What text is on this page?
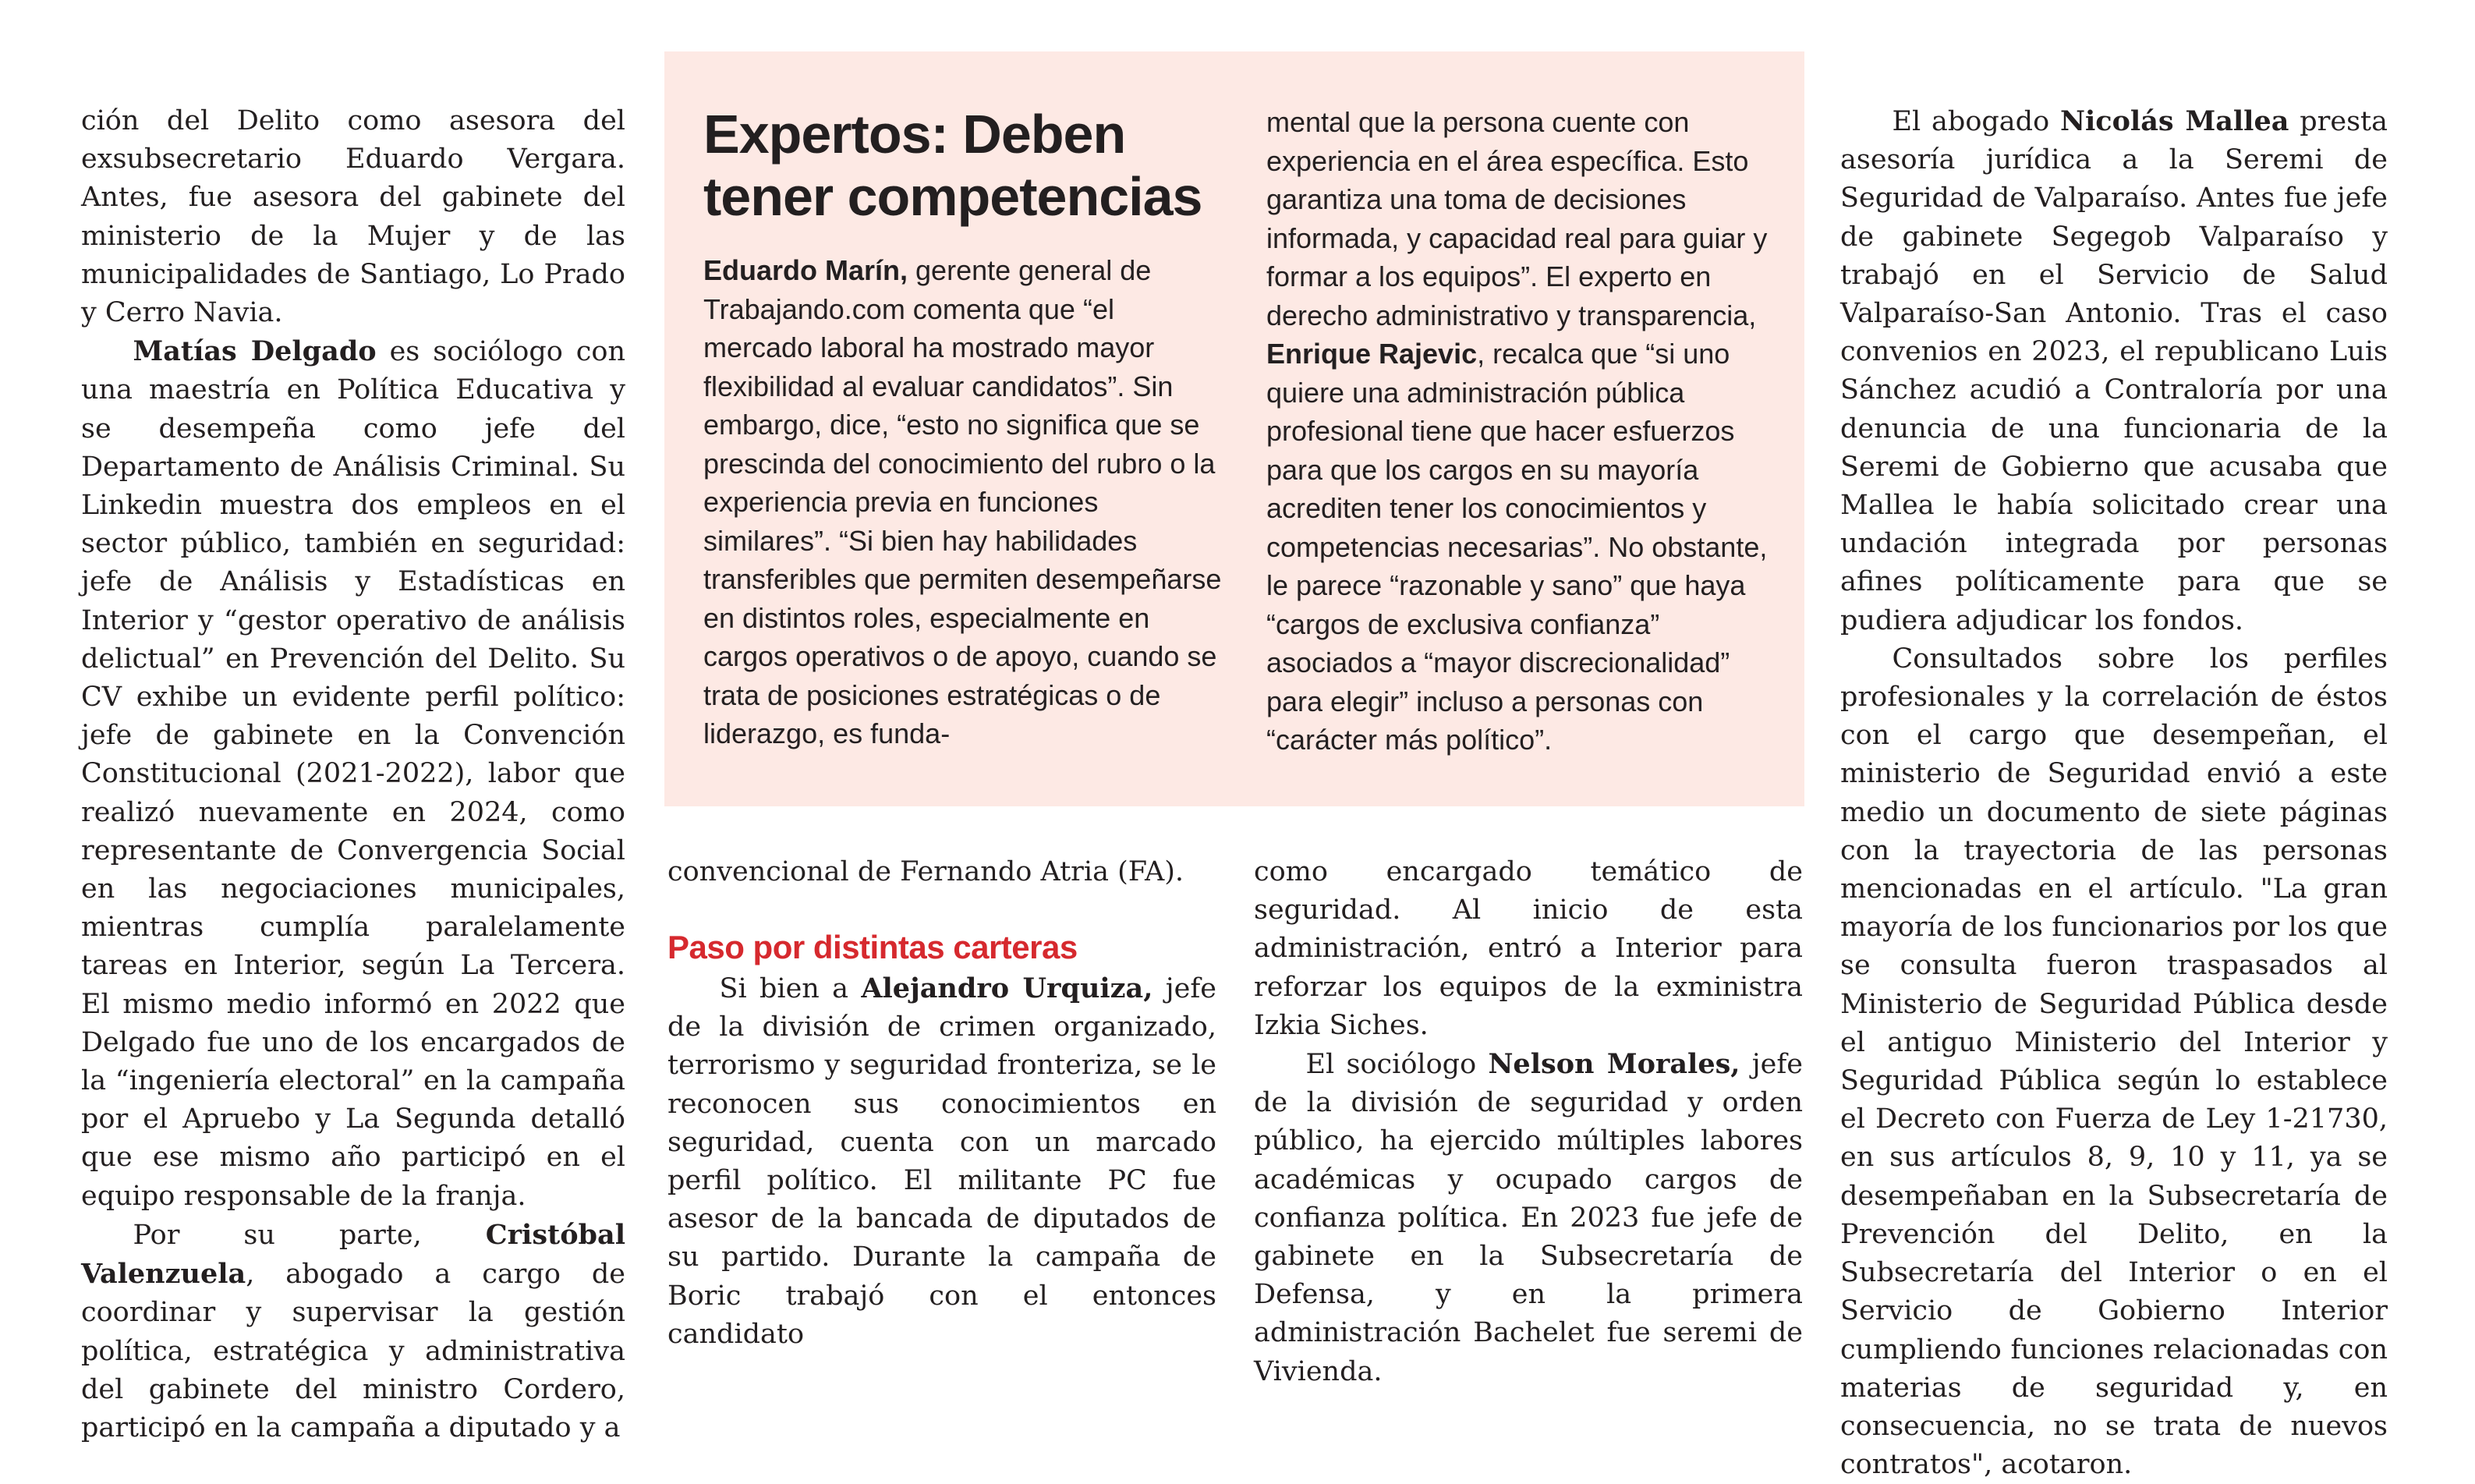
ción del Delito como asesora del exsubsecretario Eduardo Vergara. Antes, fue asesora del gabinete del ministerio de la Mujer y de las municipalidades de Santiago, Lo Prado y Cerro Navia.

Matías Delgado es sociólogo con una maestría en Política Educativa y se desempeña como jefe del Departamento de Análisis Criminal. Su Linkedin muestra dos empleos en el sector público, también en seguridad: jefe de Análisis y Estadísticas en Interior y “gestor operativo de análisis delictual” en Prevención del Delito. Su CV exhibe un evidente perfil político: jefe de gabinete en la Convención Constitucional (2021-2022), labor que realizó nuevamente en 2024, como representante de Convergencia Social en las negociaciones municipales, mientras cumplía paralelamente tareas en Interior, según La Tercera. El mismo medio informó en 2022 que Delgado fue uno de los encargados de la “ingeniería electoral” en la campaña por el Apruebo y La Segunda detalló que ese mismo año participó en el equipo responsable de la franja.

Por su parte, Cristóbal Valenzuela, abogado a cargo de coordinar y supervisar la gestión política, estratégica y administrativa del gabinete del ministro Cordero, participó en la campaña a diputado y a

Expertos: Deben tener competencias

Eduardo Marín, gerente general de Trabajando.com comenta que “el mercado laboral ha mostrado mayor flexibilidad al evaluar candidatos”. Sin embargo, dice, “esto no significa que se prescinda del conocimiento del rubro o la experiencia previa en funciones similares”. “Si bien hay habilidades transferibles que permiten desempeñarse en distintos roles, especialmente en cargos operativos o de apoyo, cuando se trata de posiciones estratégicas o de liderazgo, es funda-

mental que la persona cuente con experiencia en el área específica. Esto garantiza una toma de decisiones informada, y capacidad real para guiar y formar a los equipos”. El experto en derecho administrativo y transparencia, Enrique Rajevic, recalca que “si uno quiere una administración pública profesional tiene que hacer esfuerzos para que los cargos en su mayoría acrediten tener los conocimientos y competencias necesarias”. No obstante, le parece “razonable y sano” que haya “cargos de exclusiva confianza” asociados a “mayor discrecionalidad” para elegir” incluso a personas con “carácter más político”.

convencional de Fernando Atria (FA).

Paso por distintas carteras

Si bien a Alejandro Urquiza, jefe de la división de crimen organizado, terrorismo y seguridad fronteriza, se le reconocen sus conocimientos en seguridad, cuenta con un marcado perfil político. El militante PC fue asesor de la bancada de diputados de su partido. Durante la campaña de Boric trabajó con el entonces candidato

como encargado temático de seguridad. Al inicio de esta administración, entró a Interior para reforzar los equipos de la exministra Izkia Siches.

El sociólogo Nelson Morales, jefe de la división de seguridad y orden público, ha ejercido múltiples labores académicas y ocupado cargos de confianza política. En 2023 fue jefe de gabinete en la Subsecretaría de Defensa, y en la primera administración Bachelet fue seremi de Vivienda.

El abogado Nicolás Mallea presta asesoría jurídica a la Seremi de Seguridad de Valparaíso. Antes fue jefe de gabinete Segegob Valparaíso y trabajó en el Servicio de Salud Valparaíso-San Antonio. Tras el caso convenios en 2023, el republicano Luis Sánchez acudió a Contraloría por una denuncia de una funcionaria de la Seremi de Gobierno que acusaba que Mallea le había solicitado crear una undación integrada por personas afines políticamente para que se pudiera adjudicar los fondos.

Consultados sobre los perfiles profesionales y la correlación de éstos con el cargo que desempeñan, el ministerio de Seguridad envió a este medio un documento de siete páginas con la trayectoria de las personas mencionadas en el artículo. "La gran mayoría de los funcionarios por los que se consulta fueron traspasados al Ministerio de Seguridad Pública desde el antiguo Ministerio del Interior y Seguridad Pública según lo establece el Decreto con Fuerza de Ley 1-21730, en sus artículos 8, 9, 10 y 11, ya se desempeñaban en la Subsecretaría de Prevención del Delito, en la Subsecretaría del Interior o en el Servicio de Gobierno Interior cumpliendo funciones relacionadas con materias de seguridad y, en consecuencia, no se trata de nuevos contratos", acotaron.
